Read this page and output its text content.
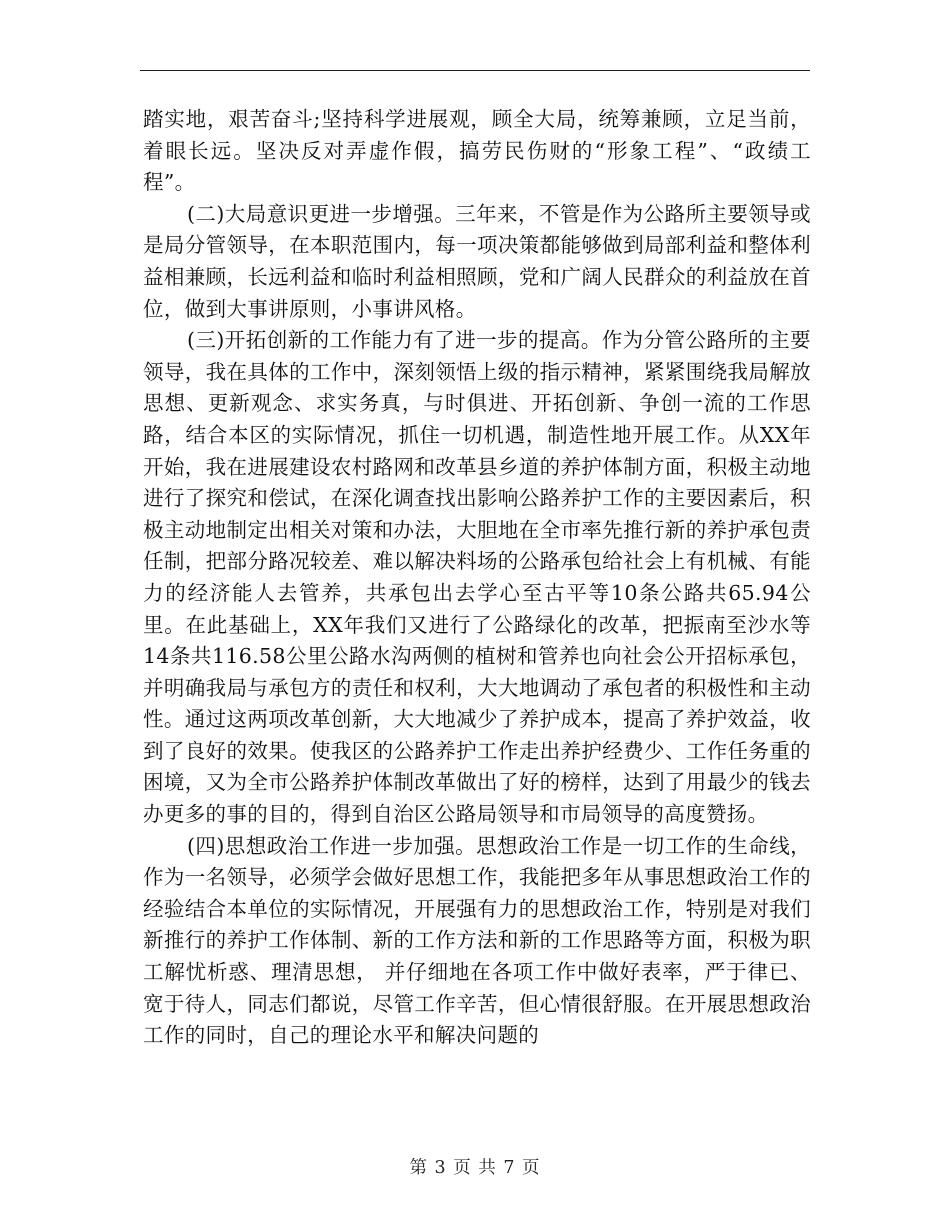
踏实地，艰苦奋斗;坚持科学进展观，顾全大局，统筹兼顾，立足当前，着眼长远。坚决反对弄虚作假，搞劳民伤财的“形象工程”、“政绩工程”。

(二)大局意识更进一步增强。三年来，不管是作为公路所主要领导或是局分管领导，在本职范围内，每一项决策都能够做到局部利益和整体利益相兼顾，长远利益和临时利益相照顾，党和广阔人民群众的利益放在首位，做到大事讲原则，小事讲风格。

(三)开拓创新的工作能力有了进一步的提高。作为分管公路所的主要领导，我在具体的工作中，深刻领悟上级的指示精神，紧紧围绕我局解放思想、更新观念、求实务真，与时俱进、开拓创新、争创一流的工作思路，结合本区的实际情况，抓住一切机遇，制造性地开展工作。从XX年开始，我在进展建设农村路网和改革县乡道的养护体制方面，积极主动地进行了探究和偿试，在深化调查找出影响公路养护工作的主要因素后，积极主动地制定出相关对策和办法，大胆地在全市率先推行新的养护承包责任制，把部分路况较差、难以解决料场的公路承包给社会上有机械、有能力的经济能人去管养，共承包出去学心至古平等10条公路共65.94公里。在此基础上，XX年我们又进行了公路绿化的改革，把振南至沙水等14条共116.58公里公路水沟两侧的植树和管养也向社会公开招标承包，并明确我局与承包方的责任和权利，大大地调动了承包者的积极性和主动性。通过这两项改革创新，大大地减少了养护成本，提高了养护效益，收到了良好的效果。使我区的公路养护工作走出养护经费少、工作任务重的困境，又为全市公路养护体制改革做出了好的榜样，达到了用最少的钱去办更多的事的目的，得到自治区公路局领导和市局领导的高度赞扬。

(四)思想政治工作进一步加强。思想政治工作是一切工作的生命线，作为一名领导，必须学会做好思想工作，我能把多年从事思想政治工作的经验结合本单位的实际情况，开展强有力的思想政治工作，特别是对我们新推行的养护工作体制、新的工作方法和新的工作思路等方面，积极为职工解忧析惑、理清思想， 并仔细地在各项工作中做好表率，严于律已、宽于待人，同志们都说，尽管工作辛苦，但心情很舒服。在开展思想政治工作的同时，自己的理论水平和解决问题的

第 3 页 共 7 页
